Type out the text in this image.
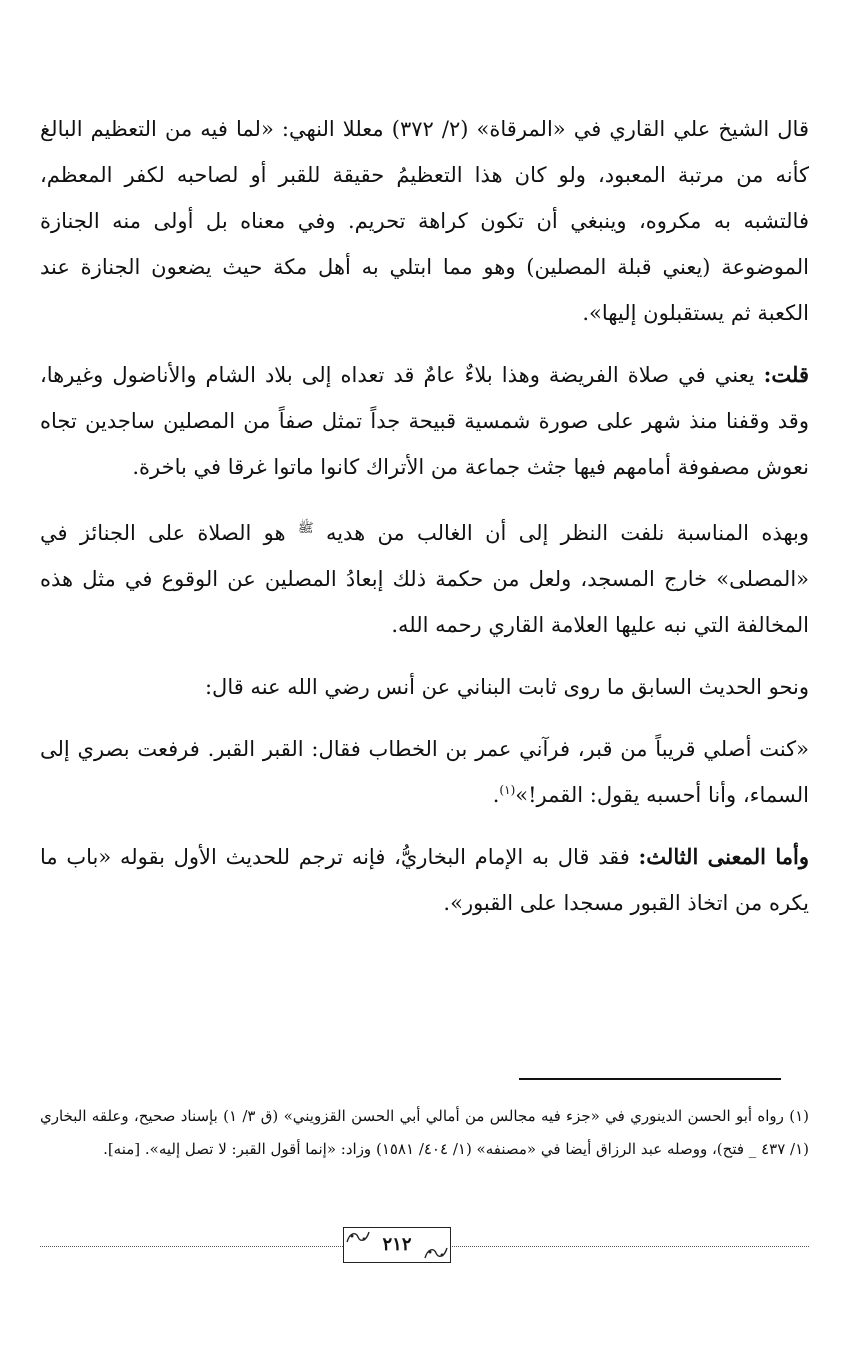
قال الشيخ علي القاري في «المرقاة» (٢/ ٣٧٢) معللا النهي: «لما فيه من التعظيم البالغ كأنه من مرتبة المعبود، ولو كان هذا التعظيمُ حقيقة للقبر أو لصاحبه لكفر المعظم، فالتشبه به مكروه، وينبغي أن تكون كراهة تحريم. وفي معناه بل أولى منه الجنازة الموضوعة (يعني قبلة المصلين) وهو مما ابتلي به أهل مكة حيث يضعون الجنازة عند الكعبة ثم يستقبلون إليها».

قلت: يعني في صلاة الفريضة وهذا بلاءٌ عامٌ قد تعداه إلى بلاد الشام والأناضول وغيرها، وقد وقفنا منذ شهر على صورة شمسية قبيحة جداً تمثل صفاً من المصلين ساجدين تجاه نعوش مصفوفة أمامهم فيها جثث جماعة من الأتراك كانوا ماتوا غرقا في باخرة.

وبهذه المناسبة نلفت النظر إلى أن الغالب من هديه $^ﷺ$ هو الصلاة على الجنائز في «المصلى» خارج المسجد، ولعل من حكمة ذلك إبعادُ المصلين عن الوقوع في مثل هذه المخالفة التي نبه عليها العلامة القاري رحمه الله.

ونحو الحديث السابق ما روى ثابت البناني عن أنس رضي الله عنه قال:

«كنت أصلي قريباً من قبر، فرآني عمر بن الخطاب فقال: القبر القبر. فرفعت بصري إلى السماء، وأنا أحسبه يقول: القمر!»$^{(١)}$.

وأما المعنى الثالث: فقد قال به الإمام البخاريُّ، فإنه ترجم للحديث الأول بقوله «باب ما يكره من اتخاذ القبور مسجدا على القبور».

(١) رواه أبو الحسن الدينوري في «جزء فيه مجالس من أمالي أبي الحسن القزويني» (ق ٣/ ١) بإسناد صحيح، وعلقه البخاري (١/ ٤٣٧ _ فتح)، ووصله عبد الرزاق أيضا في «مصنفه» (١/ ٤٠٤/ ١٥٨١) وزاد: «إنما أقول القبر: لا تصل إليه». [منه].

٢١٢
